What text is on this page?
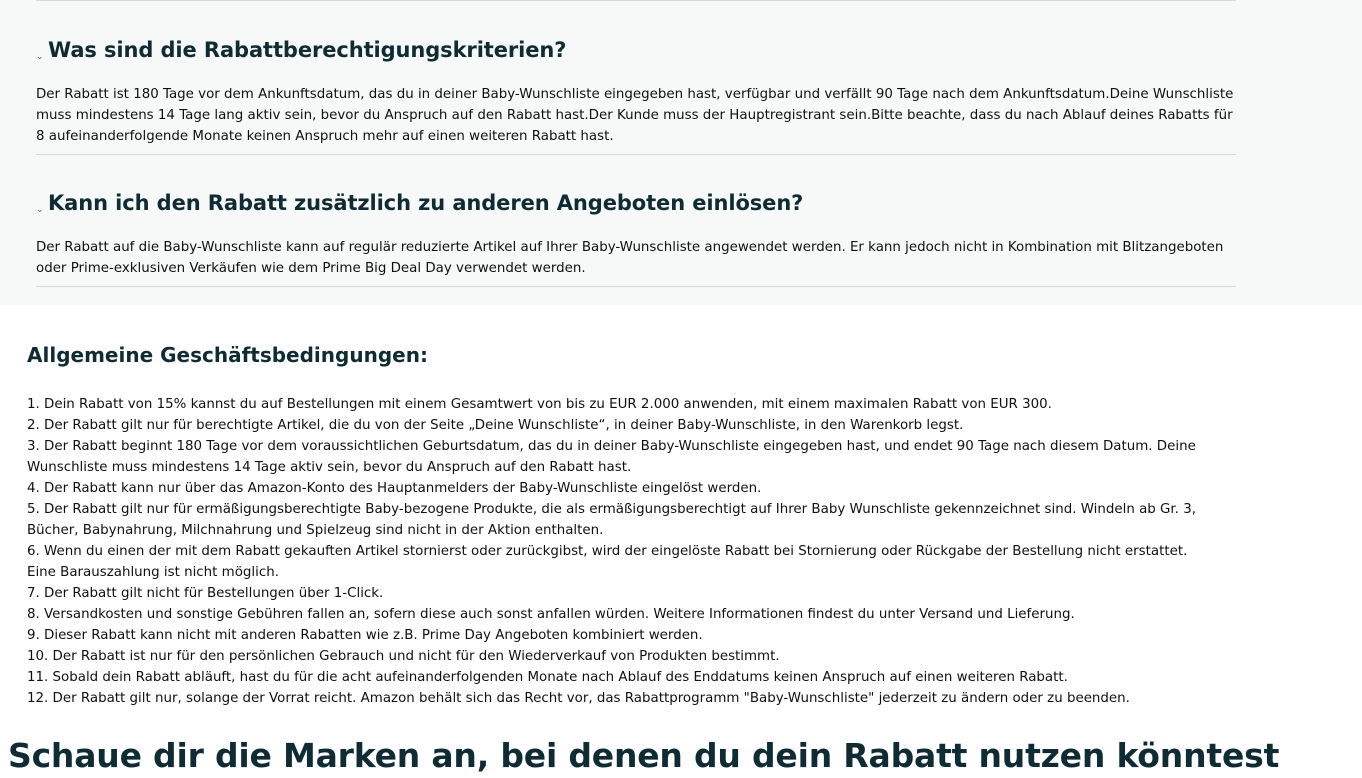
⌄ Was sind die Rabattberechtigungskriterien?

Der Rabatt ist 180 Tage vor dem Ankunftsdatum, das du in deiner Baby-Wunschliste eingegeben hast, verfügbar und verfällt 90 Tage nach dem Ankunftsdatum.Deine Wunschliste muss mindestens 14 Tage lang aktiv sein, bevor du Anspruch auf den Rabatt hast.Der Kunde muss der Hauptregistrant sein.Bitte beachte, dass du nach Ablauf deines Rabatts für 8 aufeinanderfolgende Monate keinen Anspruch mehr auf einen weiteren Rabatt hast.

⌄ Kann ich den Rabatt zusätzlich zu anderen Angeboten einlösen?

Der Rabatt auf die Baby-Wunschliste kann auf regulär reduzierte Artikel auf Ihrer Baby-Wunschliste angewendet werden. Er kann jedoch nicht in Kombination mit Blitzangeboten oder Prime-exklusiven Verkäufen wie dem Prime Big Deal Day verwendet werden.

Allgemeine Geschäftsbedingungen:
1. Dein Rabatt von 15% kannst du auf Bestellungen mit einem Gesamtwert von bis zu EUR 2.000 anwenden, mit einem maximalen Rabatt von EUR 300.
2. Der Rabatt gilt nur für berechtigte Artikel, die du von der Seite „Deine Wunschliste“, in deiner Baby-Wunschliste, in den Warenkorb legst.
3. Der Rabatt beginnt 180 Tage vor dem voraussichtlichen Geburtsdatum, das du in deiner Baby-Wunschliste eingegeben hast, und endet 90 Tage nach diesem Datum. Deine Wunschliste muss mindestens 14 Tage aktiv sein, bevor du Anspruch auf den Rabatt hast.
4. Der Rabatt kann nur über das Amazon-Konto des Hauptanmelders der Baby-Wunschliste eingelöst werden.
5. Der Rabatt gilt nur für ermäßigungsberechtigte Baby-bezogene Produkte, die als ermäßigungsberechtigt auf Ihrer Baby Wunschliste gekennzeichnet sind. Windeln ab Gr. 3, Bücher, Babynahrung, Milchnahrung und Spielzeug sind nicht in der Aktion enthalten.
6. Wenn du einen der mit dem Rabatt gekauften Artikel stornierst oder zurückgibst, wird der eingelöste Rabatt bei Stornierung oder Rückgabe der Bestellung nicht erstattet. Eine Barauszahlung ist nicht möglich.
7. Der Rabatt gilt nicht für Bestellungen über 1-Click.
8. Versandkosten und sonstige Gebühren fallen an, sofern diese auch sonst anfallen würden. Weitere Informationen findest du unter Versand und Lieferung.
9. Dieser Rabatt kann nicht mit anderen Rabatten wie z.B. Prime Day Angeboten kombiniert werden.
10. Der Rabatt ist nur für den persönlichen Gebrauch und nicht für den Wiederverkauf von Produkten bestimmt.
11. Sobald dein Rabatt abläuft, hast du für die acht aufeinanderfolgenden Monate nach Ablauf des Enddatums keinen Anspruch auf einen weiteren Rabatt.
12. Der Rabatt gilt nur, solange der Vorrat reicht. Amazon behält sich das Recht vor, das Rabattprogramm "Baby-Wunschliste" jederzeit zu ändern oder zu beenden.
Schaue dir die Marken an, bei denen du dein Rabatt nutzen könntest
